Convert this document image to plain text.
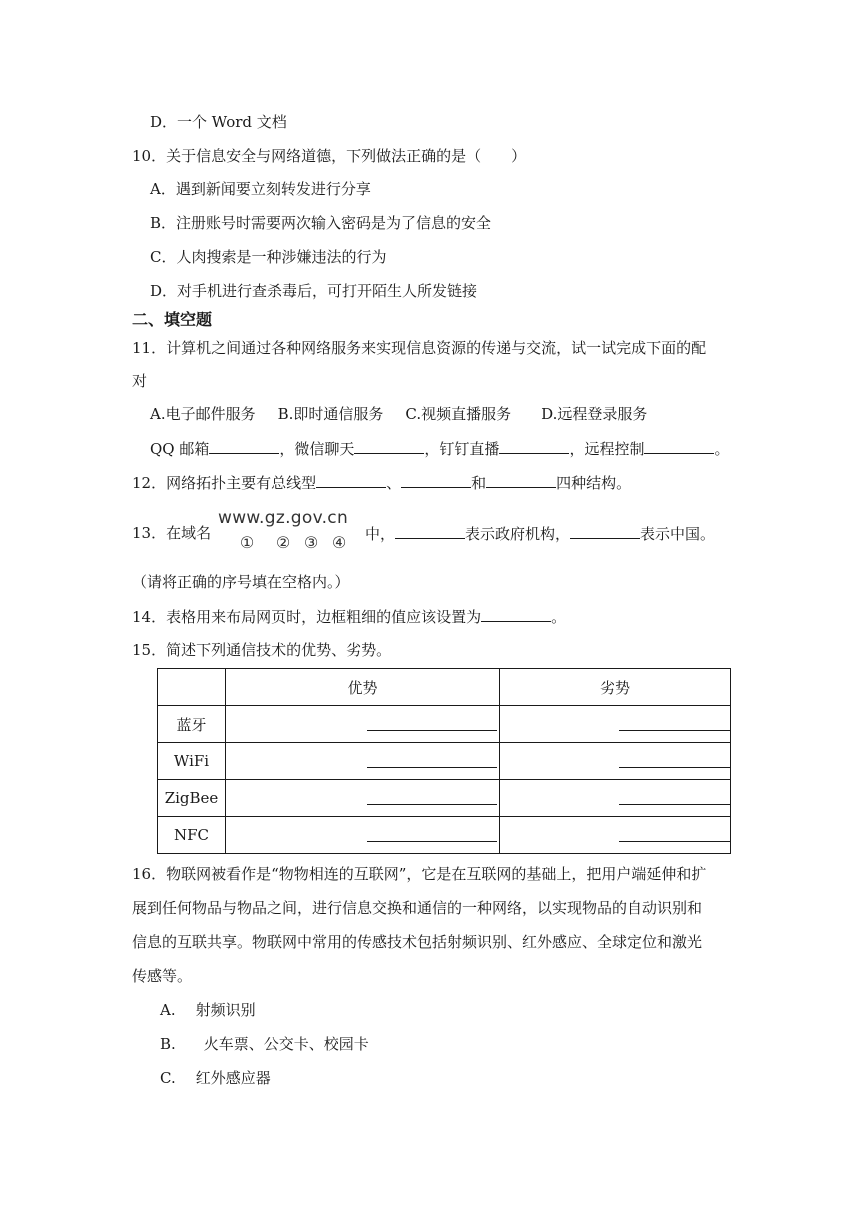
D．一个 Word 文档
10．关于信息安全与网络道德，下列做法正确的是（　　）
A．遇到新闻要立刻转发进行分享
B．注册账号时需要两次输入密码是为了信息的安全
C．人肉搜索是一种涉嫌违法的行为
D．对手机进行查杀毒后，可打开陌生人所发链接
二、填空题
11．计算机之间通过各种网络服务来实现信息资源的传递与交流，试一试完成下面的配
对
A.电子邮件服务 B.即时通信服务 C.视频直播服务 D.远程登录服务
QQ 邮箱	，微信聊天	，钉钉直播	，远程控制	。
12．网络拓扑主要有总线型	、	和	四种结构。
13．在域名
www.gz.gov.cn
① ② ③ ④ 中，	表示政府机构，	表示中国。
（请将正确的序号填在空格内。）
14．表格用来布局网页时，边框粗细的值应该设置为	。
15．简述下列通信技术的优势、劣势。
	优势	劣势
蓝牙	

WiFi	

ZigBee	

NFC	

16．物联网被看作是“物物相连的互联网”，它是在互联网的基础上，把用户端延伸和扩
展到任何物品与物品之间，进行信息交换和通信的一种网络，以实现物品的自动识别和
信息的互联共享。物联网中常用的传感技术包括射频识别、红外感应、全球定位和激光
传感等。
A. 射频识别
B. 火车票、公交卡、校园卡
C. 红外感应器
